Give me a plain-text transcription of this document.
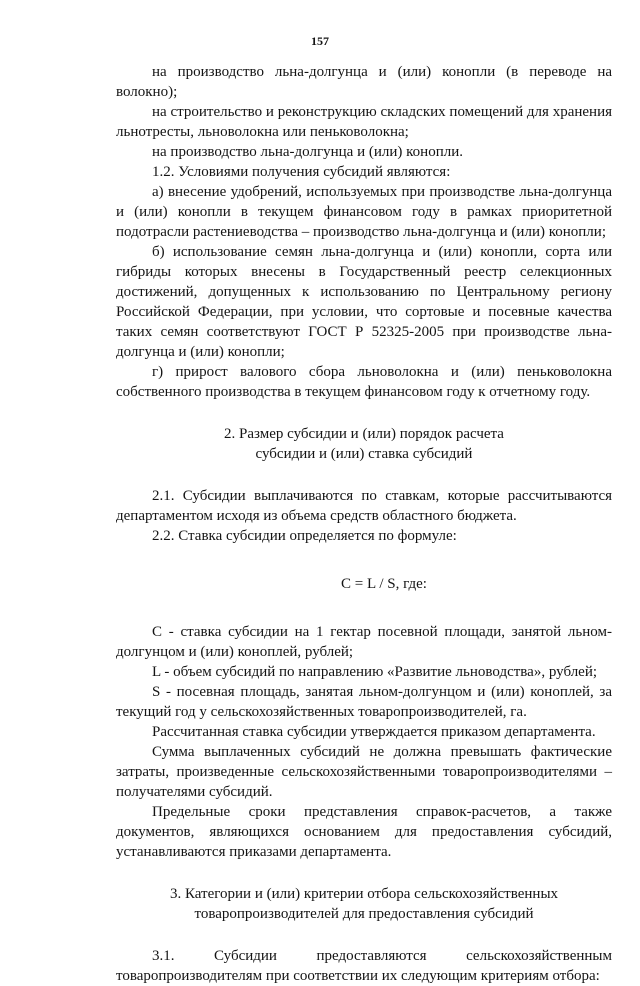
157

на производство льна-долгунца и (или) конопли (в переводе на волокно);

на строительство и реконструкцию складских помещений для хранения льнотресты, льноволокна или пеньковолокна;

на производство льна-долгунца и (или) конопли.

1.2. Условиями получения субсидий являются:

а) внесение удобрений, используемых при производстве льна-долгунца и (или) конопли в текущем финансовом году в рамках приоритетной подотрасли растениеводства – производство льна-долгунца и (или) конопли;

б) использование семян льна-долгунца и (или) конопли, сорта или гибриды которых внесены в Государственный реестр селекционных достижений, допущенных к использованию по Центральному региону Российской Федерации, при условии, что сортовые и посевные качества таких семян соответствуют ГОСТ Р 52325-2005 при производстве льна-долгунца и (или) конопли;

г) прирост валового сбора льноволокна и (или) пеньковолокна собственного производства в текущем финансовом году к отчетному году.

2. Размер субсидии и (или) порядок расчета

субсидии и (или) ставка субсидий

2.1. Субсидии выплачиваются по ставкам, которые рассчитываются департаментом исходя из объема средств областного бюджета.

2.2. Ставка субсидии определяется по формуле:

C = L / S, где:

C - ставка субсидии на 1 гектар посевной площади, занятой льном-долгунцом и (или) коноплей, рублей;

L - объем субсидий по направлению «Развитие льноводства», рублей;

S - посевная площадь, занятая льном-долгунцом и (или) коноплей, за текущий год у сельскохозяйственных товаропроизводителей, га.

Рассчитанная ставка субсидии утверждается приказом департамента.

Сумма выплаченных субсидий не должна превышать фактические затраты, произведенные сельскохозяйственными товаропроизводителями – получателями субсидий.

Предельные сроки представления справок-расчетов, а также документов, являющихся основанием для предоставления субсидий, устанавливаются приказами департамента.

3. Категории и (или) критерии отбора сельскохозяйственных

товаропроизводителей для предоставления субсидий

3.1. Субсидии предоставляются сельскохозяйственным товаропроизводителям при соответствии их следующим критериям отбора:
